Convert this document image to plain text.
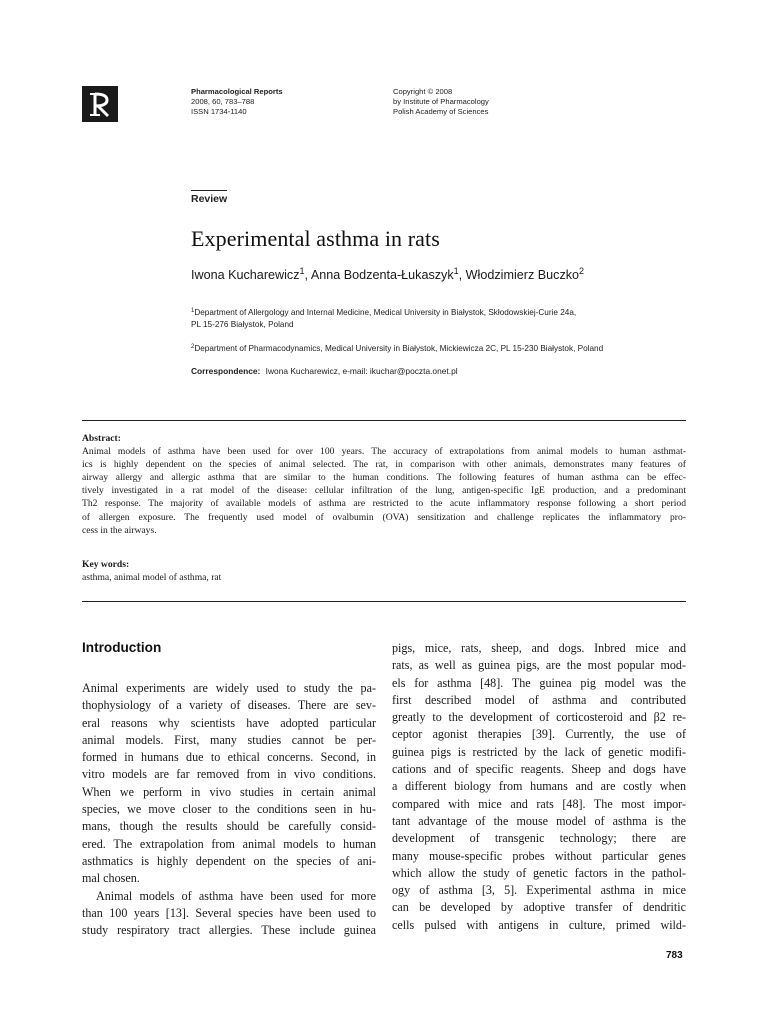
Pharmacological Reports
2008, 60, 783–788
ISSN 1734-1140
Copyright © 2008
by Institute of Pharmacology
Polish Academy of Sciences
Review
Experimental asthma in rats
Iwona Kucharewicz$^1$, Anna Bodzenta-Łukaszyk$^1$, Włodzimierz Buczko$^2$
$^1$Department of Allergology and Internal Medicine, Medical University in Białystok, Skłodowskiej-Curie 24a,
PL 15-276 Białystok, Poland
$^2$Department of Pharmacodynamics, Medical University in Białystok, Mickiewicza 2C, PL 15-230 Białystok, Poland
Correspondence: Iwona Kucharewicz, e-mail: ikuchar@poczta.onet.pl
Abstract:
Animal models of asthma have been used for over 100 years. The accuracy of extrapolations from animal models to human asthmat-
ics is highly dependent on the species of animal selected. The rat, in comparison with other animals, demonstrates many features of
airway allergy and allergic asthma that are similar to the human conditions. The following features of human asthma can be effec-
tively investigated in a rat model of the disease: cellular infiltration of the lung, antigen-specific IgE production, and a predominant
Th2 response. The majority of available models of asthma are restricted to the acute inflammatory response following a short period
of allergen exposure. The frequently used model of ovalbumin (OVA) sensitization and challenge replicates the inflammatory pro-
cess in the airways.
Key words:
asthma, animal model of asthma, rat
Introduction

Animal experiments are widely used to study the pa-
thophysiology of a variety of diseases. There are sev-
eral reasons why scientists have adopted particular
animal models. First, many studies cannot be per-
formed in humans due to ethical concerns. Second, in
vitro models are far removed from in vivo conditions.
When we perform in vivo studies in certain animal
species, we move closer to the conditions seen in hu-
mans, though the results should be carefully consid-
ered. The extrapolation from animal models to human
asthmatics is highly dependent on the species of ani-
mal chosen.

Animal models of asthma have been used for more
than 100 years [13]. Several species have been used to
study respiratory tract allergies. These include guinea

pigs, mice, rats, sheep, and dogs. Inbred mice and
rats, as well as guinea pigs, are the most popular mod-
els for asthma [48]. The guinea pig model was the
first described model of asthma and contributed
greatly to the development of corticosteroid and β2 re-
ceptor agonist therapies [39]. Currently, the use of
guinea pigs is restricted by the lack of genetic modifi-
cations and of specific reagents. Sheep and dogs have
a different biology from humans and are costly when
compared with mice and rats [48]. The most impor-
tant advantage of the mouse model of asthma is the
development of transgenic technology; there are
many mouse-specific probes without particular genes
which allow the study of genetic factors in the pathol-
ogy of asthma [3, 5]. Experimental asthma in mice
can be developed by adoptive transfer of dendritic
cells pulsed with antigens in culture, primed wild-

783
